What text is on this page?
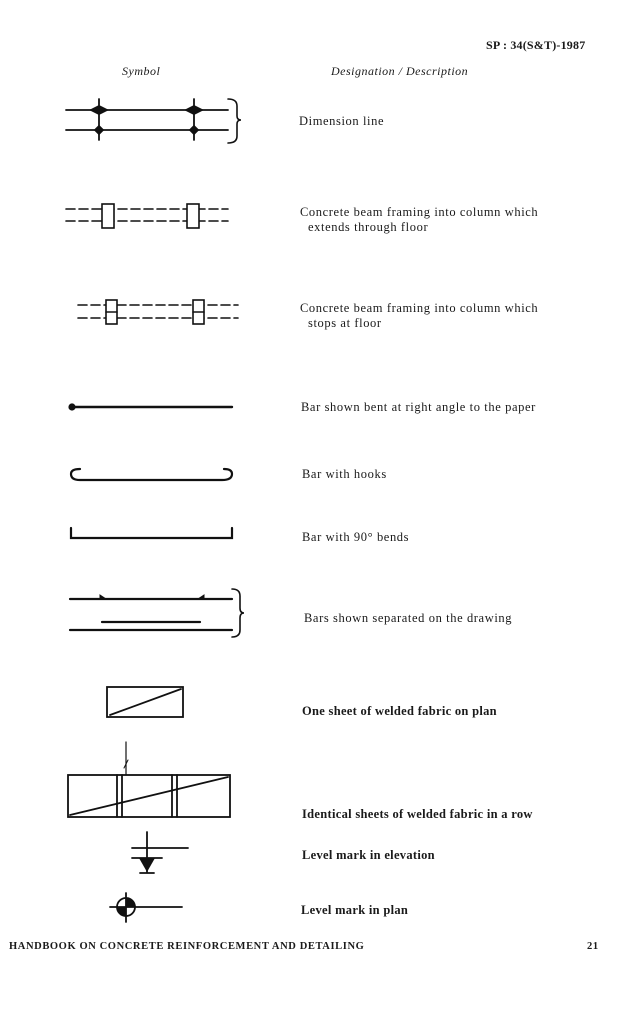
SP : 34(S&T)-1987
Symbol	Designation / Description
Dimension line
Concrete beam framing into column which
extends through floor
Concrete beam framing into column which
stops at floor
Bar shown bent at right angle to the paper
Bar with hooks
Bar with 90° bends
Bars shown separated on the drawing
One sheet of welded fabric on plan
Identical sheets of welded fabric in a row
Level mark in elevation
Level mark in plan
HANDBOOK ON CONCRETE REINFORCEMENT AND DETAILING	21
